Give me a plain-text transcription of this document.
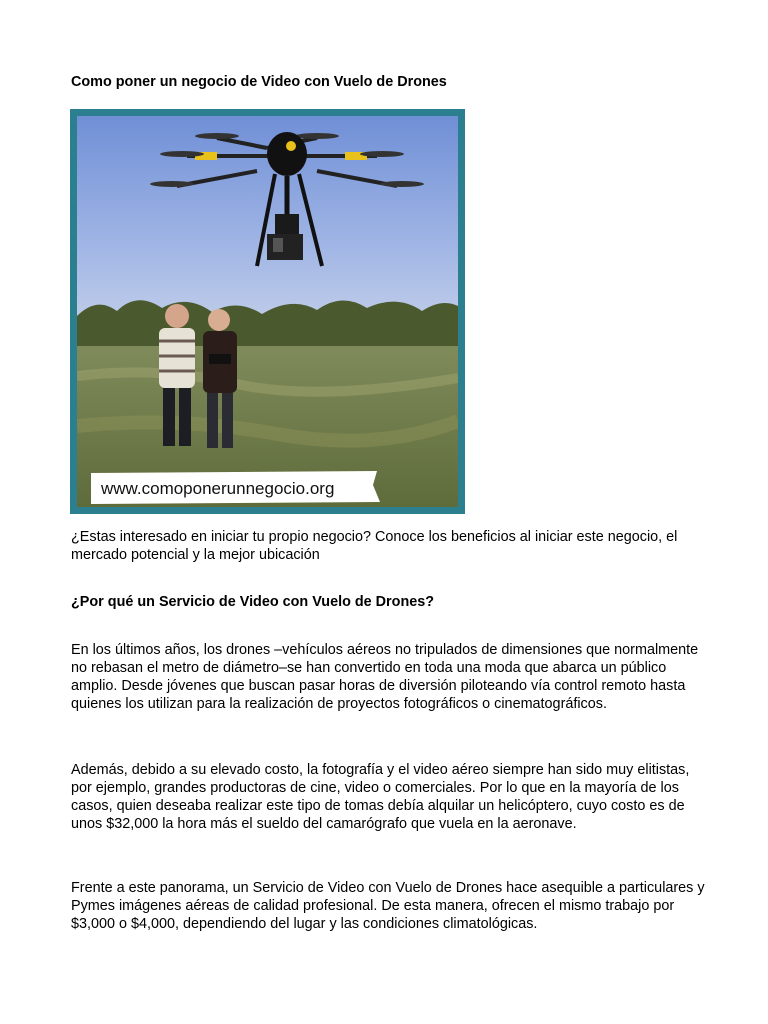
Como poner un negocio de Video con Vuelo de Drones
www.comoponerunnegocio.org

¿Estas interesado en iniciar tu propio negocio? Conoce los beneficios al iniciar este negocio, el mercado potencial y la mejor ubicación

¿Por qué un Servicio de Video con Vuelo de Drones?

En los últimos años, los drones –vehículos aéreos no tripulados de dimensiones que normalmente no rebasan el metro de diámetro–se han convertido en toda una moda que abarca un público amplio. Desde jóvenes que buscan pasar horas de diversión piloteando vía control remoto hasta quienes los utilizan para la realización de proyectos fotográficos o cinematográficos.

Además, debido a su elevado costo, la fotografía y el video aéreo siempre han sido muy elitistas, por ejemplo, grandes productoras de cine, video o comerciales. Por lo que en la mayoría de los casos, quien deseaba realizar este tipo de tomas debía alquilar un helicóptero, cuyo costo es de unos $32,000 la hora más el sueldo del camarógrafo que vuela en la aeronave.

Frente a este panorama, un Servicio de Video con Vuelo de Drones hace asequible a particulares y Pymes imágenes aéreas de calidad profesional. De esta manera, ofrecen el mismo trabajo por $3,000 o $4,000, dependiendo del lugar y las condiciones climatológicas.
